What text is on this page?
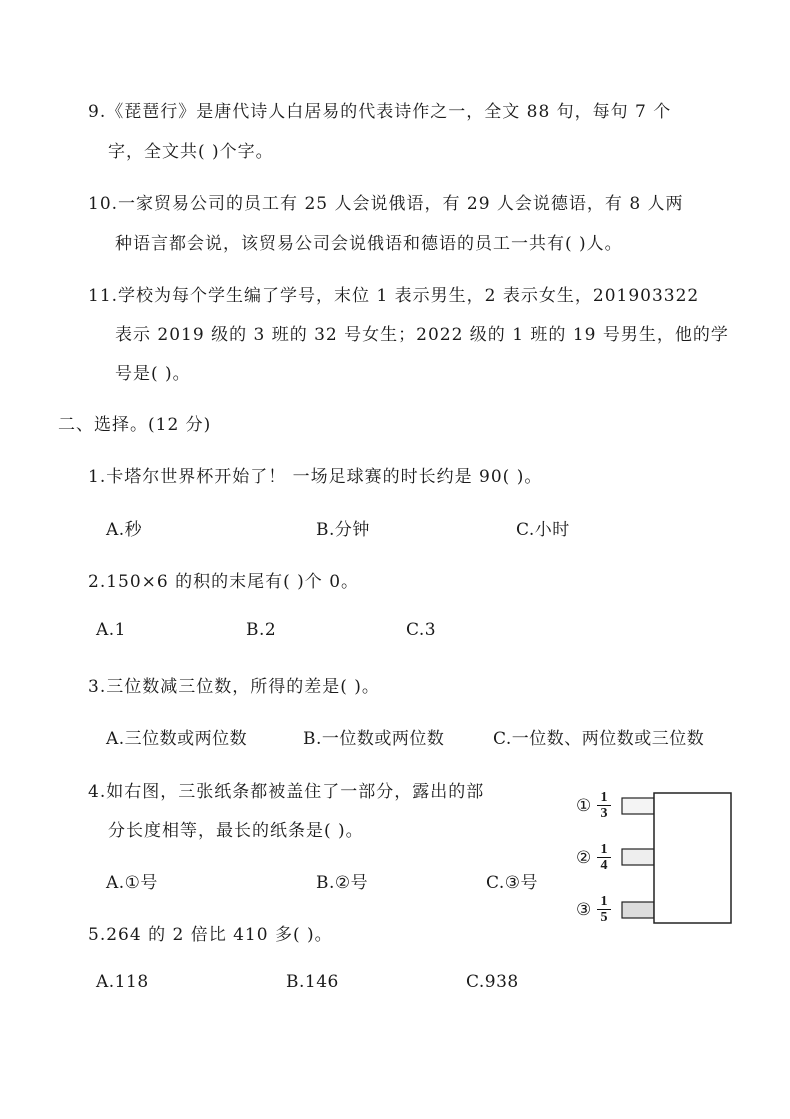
9.《琵琶行》是唐代诗人白居易的代表诗作之一，全文 88 句，每句 7 个
字，全文共( )个字。
10.一家贸易公司的员工有 25 人会说俄语，有 29 人会说德语，有 8 人两
种语言都会说，该贸易公司会说俄语和德语的员工一共有( )人。
11.学校为每个学生编了学号，末位 1 表示男生，2 表示女生，201903322
表示 2019 级的 3 班的 32 号女生；2022 级的 1 班的 19 号男生，他的学
号是( )。
二、选择。(12 分)
1.卡塔尔世界杯开始了！ 一场足球赛的时长约是 90( )。
A.秒	B.分钟	C.小时
2.150×6 的积的末尾有( )个 0。
A.1	B.2	C.3
3.三位数减三位数，所得的差是( )。
A.三位数或两位数	B.一位数或两位数	C.一位数、两位数或三位数
4.如右图，三张纸条都被盖住了一部分，露出的部
分长度相等，最长的纸条是( )。
A.①号	B.②号	C.③号
① $\frac{1}{3}$
② $\frac{1}{4}$
③ $\frac{1}{5}$
5.264 的 2 倍比 410 多( )。
A.118	B.146	C.938
